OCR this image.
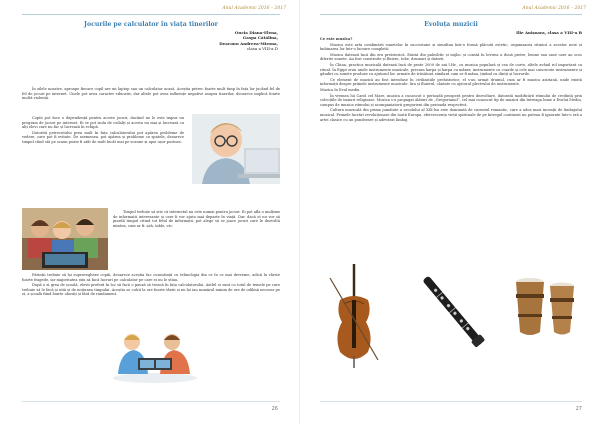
Anul Academic 2016 – 2017
Jocurile pe calculator în viața tinerilor
Oncia Diana-Elena,
Gaspa Cătălina,
Deaconu Andreea-Mirona,
clasa a VIII-a D

În zilele noastre, aproape fiecare copil are un laptop sau un calculator acasă. Aceștia petrec foarte mult timp în fața lor jucând fel de fel de jocuri pe internet. Unele pot avea caracter educativ, dar altele pot avea influențe negative asupra tinerilor, deoarece implică foarte multă violență.

Copiii pot face o dependență pentru aceste jocuri, ducând ne le este impus un program de jocuri pe internet. Ei se pot izola de ceilalți și acesta nu mai și lucrează cu alți elevi care nu fac și lucrează în echipă.

Datorită petrecutului prea mult în fața calculatorului pot apărea probleme de vedere, care pot fi evitate. De asemenea, pot apărea și probleme cu spatele, deoarece timpul când stă pe scaun poate fi atât de mult încât mai pe scaune și apoi ușor postura.

Timpul trebuie să știe că internetul nu este numai pentru jocuri. Ei pot afla o mulțime de informații interesante și care îi vor ajuta mai departe în viață. Dar, dacă ei nu vor să piardă timpul citind tot felul de informații, pot alege să se joace jocuri care le dezvoltă mintea, cum ar fi: șah, table, etc.

Părinții trebuie să își supravegheze copiii, deoarece aceștia fac cunoștință cu tehnologia din ce în ce mai devreme, adică la vârste foarte fragede, iar majoritatea știu să facă lucruri pe calculator pe care ei nu le știau.

După o zi grea de școală, elevii preferă în loc să facă o pauză să treacă în fața calculatorului. Astfel ei sunt cu totul de temele pe care trebuie să le facă și uită și de noțiunea timpului. Aceștia se culcă la ore foarte târzii și nu își iau numărul minim de ore de odihnă necesar pe zi, a școală fiind foarte obosiți și fără de randament.

26
Anul Academic 2016 – 2017
Evoluța muzicii
Ilie Anișoara, clasa a VIII-a B

Ce este muzica?

Muzica este arta combinării sunetelor în succesiune și simultan într-o formă plăcută estetic, organizarea ritmică a acestor note și îmbinarea lor într-o lucrare completă.

Muzica datează încă din era preistorică. Există din paleolitic și mijloc și constă în lovirea a două pietre, lemne sau oase care au scos diferite sunete. Au fost construite și fluiere, tobe, drumuri și datorii.

În China, practica muzicală datează încă de peste 2000 de ani î.Hr., cu muzica populară și cea de curte, altele având rol important ca ritual. În Egipt erau unele instrumente muzicale, precum harpa și harpa cu mâner, instrumente cu coarde și cele mai cunoscute instrumente și gândiri cu sunete produse cu ajutorul lor, urmate de trăsătură similară cum ar fi mâna, ținând cu dinții și lucrurile.

Ce element de muzică au fost introduse în civilizațiile prehistorice, el s-au urmat drumul, cum ar fi muzica asiriană, unde există informații despre primele instrumente muzicale: lira și fluierul, cântate cu ajutorul plectrului de instrumente.

Muzica în Evul mediu

În vremea lui Carol cel Mare, muzica a cunoscut o perioadă prosperă pentru dezvoltare, datorată modificării ritmului de credință prin colecțiile de imnuri religioase. Muzica s-a propagat alături de „Gregorianul”, cel mai cunoscut tip de muzică din întreaga lume a Evului Mediu, compus de muzica ritmului și acompaniatorii gregorieni din perioada respectivă.

Cultura muzicală din prima jumătate a secolului al XIX-lea este dominată de curentul romantic, care a adus mari inovații de limbajului muzical. Primele lucrări revoluționare din toată Europa, efervescența vieții spirituale de pe întregul continent nu puteau fi ignorate într-o eră a artei clasice cu un ponderare și adevărat limbaj.

27
